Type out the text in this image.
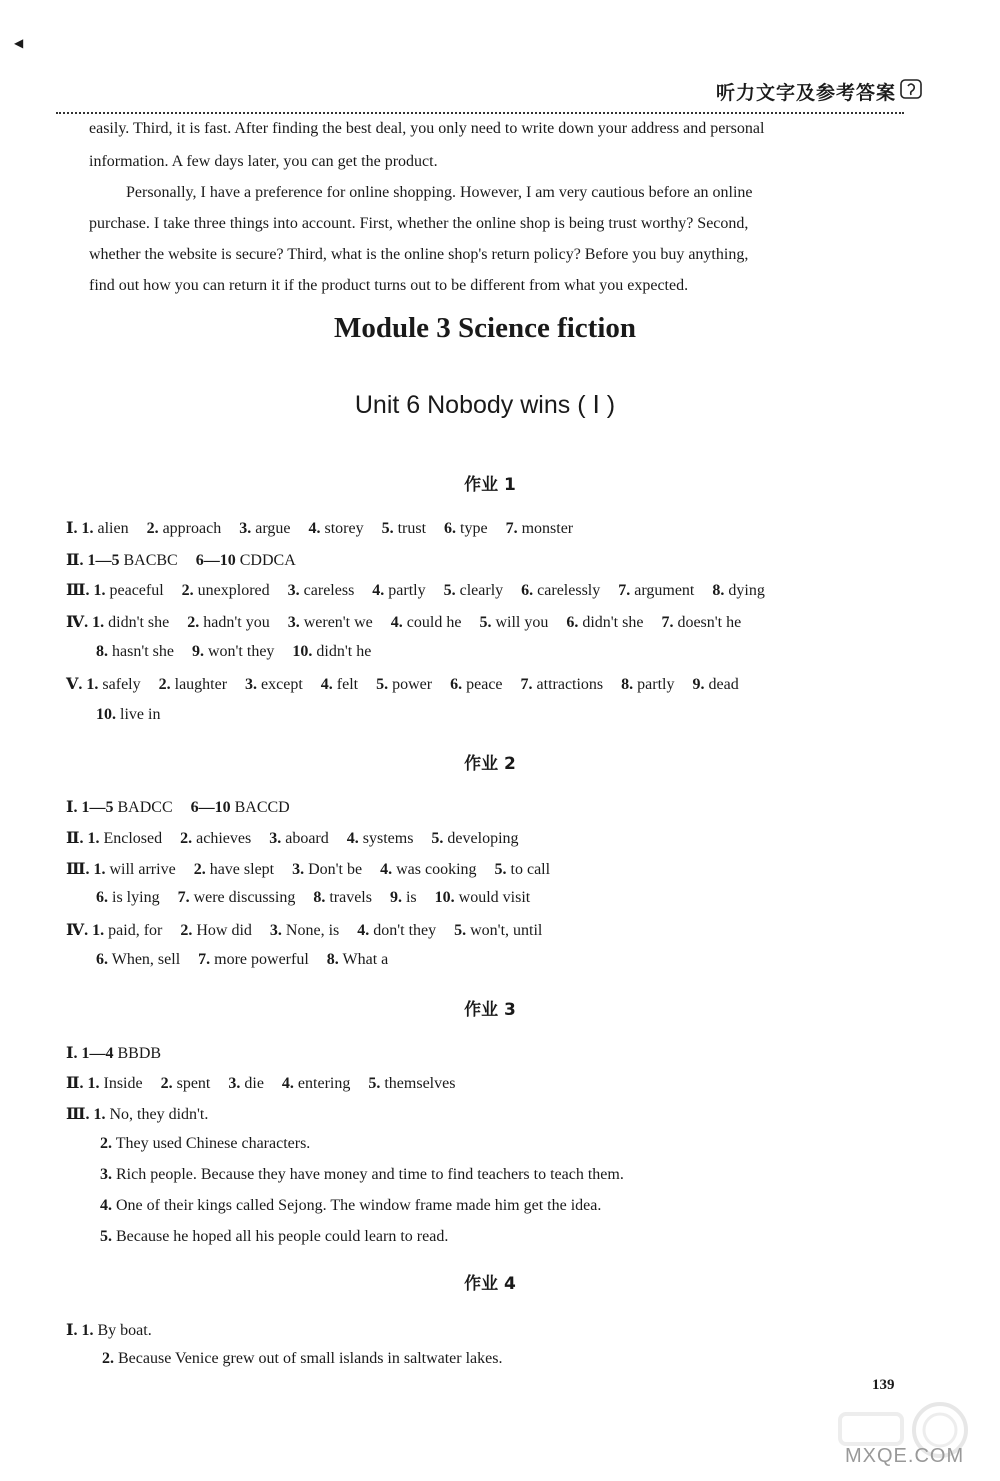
◀
听力文字及参考答案
easily. Third, it is fast. After finding the best deal, you only need to write down your address and personal
information. A few days later, you can get the product.
Personally, I have a preference for online shopping. However, I am very cautious before an online
purchase. I take three things into account. First, whether the online shop is being trust worthy? Second,
whether the website is secure? Third, what is the online shop's return policy? Before you buy anything,
find out how you can return it if the product turns out to be different from what you expected.
Module 3 Science fiction
Unit 6 Nobody wins ( Ⅰ )
作业 1
Ⅰ. 1. alien 2. approach 3. argue 4. storey 5. trust 6. type 7. monster
Ⅱ. 1—5 BACBC 6—10 CDDCA
Ⅲ. 1. peaceful 2. unexplored 3. careless 4. partly 5. clearly 6. carelessly 7. argument 8. dying
Ⅳ. 1. didn't she 2. hadn't you 3. weren't we 4. could he 5. will you 6. didn't she 7. doesn't he
8. hasn't she 9. won't they 10. didn't he
Ⅴ. 1. safely 2. laughter 3. except 4. felt 5. power 6. peace 7. attractions 8. partly 9. dead
10. live in
作业 2
Ⅰ. 1—5 BADCC 6—10 BACCD
Ⅱ. 1. Enclosed 2. achieves 3. aboard 4. systems 5. developing
Ⅲ. 1. will arrive 2. have slept 3. Don't be 4. was cooking 5. to call
6. is lying 7. were discussing 8. travels 9. is 10. would visit
Ⅳ. 1. paid, for 2. How did 3. None, is 4. don't they 5. won't, until
6. When, sell 7. more powerful 8. What a
作业 3
Ⅰ. 1—4 BBDB
Ⅱ. 1. Inside 2. spent 3. die 4. entering 5. themselves
Ⅲ. 1. No, they didn't.
2. They used Chinese characters.
3. Rich people. Because they have money and time to find teachers to teach them.
4. One of their kings called Sejong. The window frame made him get the idea.
5. Because he hoped all his people could learn to read.
作业 4
Ⅰ. 1. By boat.
2. Because Venice grew out of small islands in saltwater lakes.
139
MXQE.COM
